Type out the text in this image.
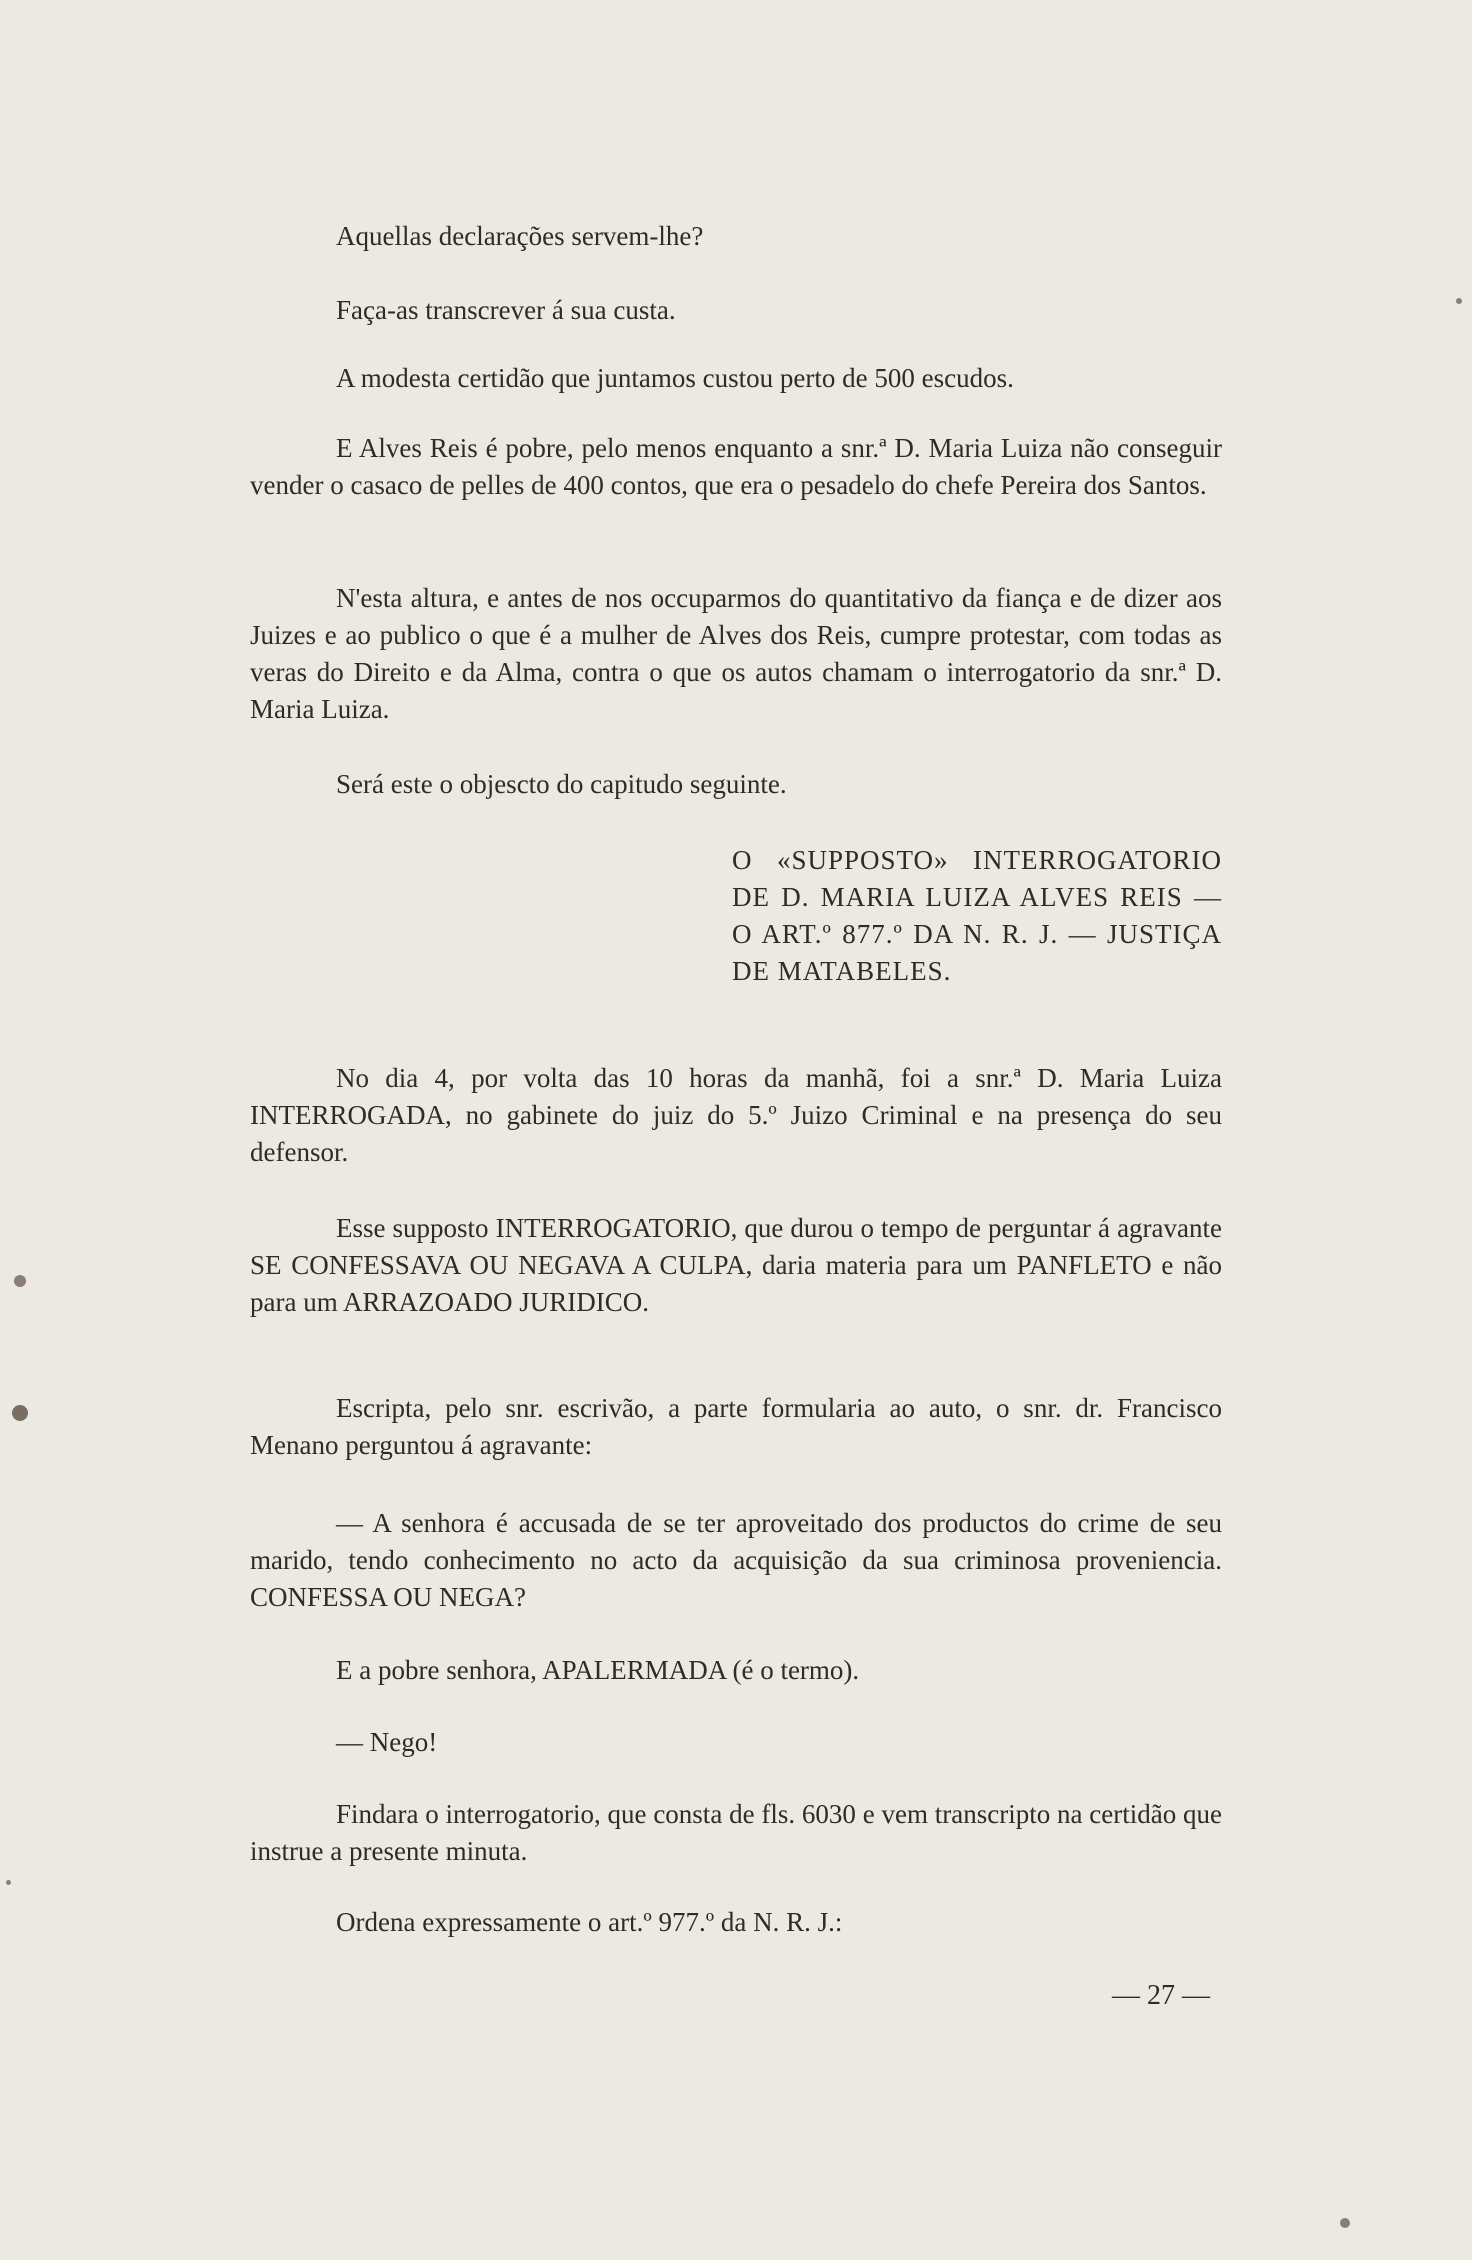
Aquellas declarações servem-lhe?

Faça-as transcrever á sua custa.

A modesta certidão que juntamos custou perto de 500 escudos.

E Alves Reis é pobre, pelo menos enquanto a snr.ª D. Maria Luiza não conseguir vender o casaco de pelles de 400 contos, que era o pesadelo do chefe Pereira dos Santos.

N'esta altura, e antes de nos occuparmos do quantitativo da fiança e de dizer aos Juizes e ao publico o que é a mulher de Alves dos Reis, cumpre protestar, com todas as veras do Direito e da Alma, contra o que os autos chamam o interrogatorio da snr.ª D. Maria Luiza.

Será este o objescto do capitudo seguinte.

O «SUPPOSTO» INTERROGATORIO DE D. MARIA LUIZA ALVES REIS — O ART.º 877.º DA N. R. J. — JUSTIÇA DE MATABELES.

No dia 4, por volta das 10 horas da manhã, foi a snr.ª D. Maria Luiza INTERROGADA, no gabinete do juiz do 5.º Juizo Criminal e na presença do seu defensor.

Esse supposto INTERROGATORIO, que durou o tempo de perguntar á agravante SE CONFESSAVA OU NEGAVA A CULPA, daria materia para um PANFLETO e não para um ARRAZOADO JURIDICO.

Escripta, pelo snr. escrivão, a parte formularia ao auto, o snr. dr. Francisco Menano perguntou á agravante:

— A senhora é accusada de se ter aproveitado dos productos do crime de seu marido, tendo conhecimento no acto da acquisição da sua criminosa proveniencia. CONFESSA OU NEGA?

E a pobre senhora, APALERMADA (é o termo).

— Nego!

Findara o interrogatorio, que consta de fls. 6030 e vem transcripto na certidão que instrue a presente minuta.

Ordena expressamente o art.º 977.º da N. R. J.:

— 27 —
